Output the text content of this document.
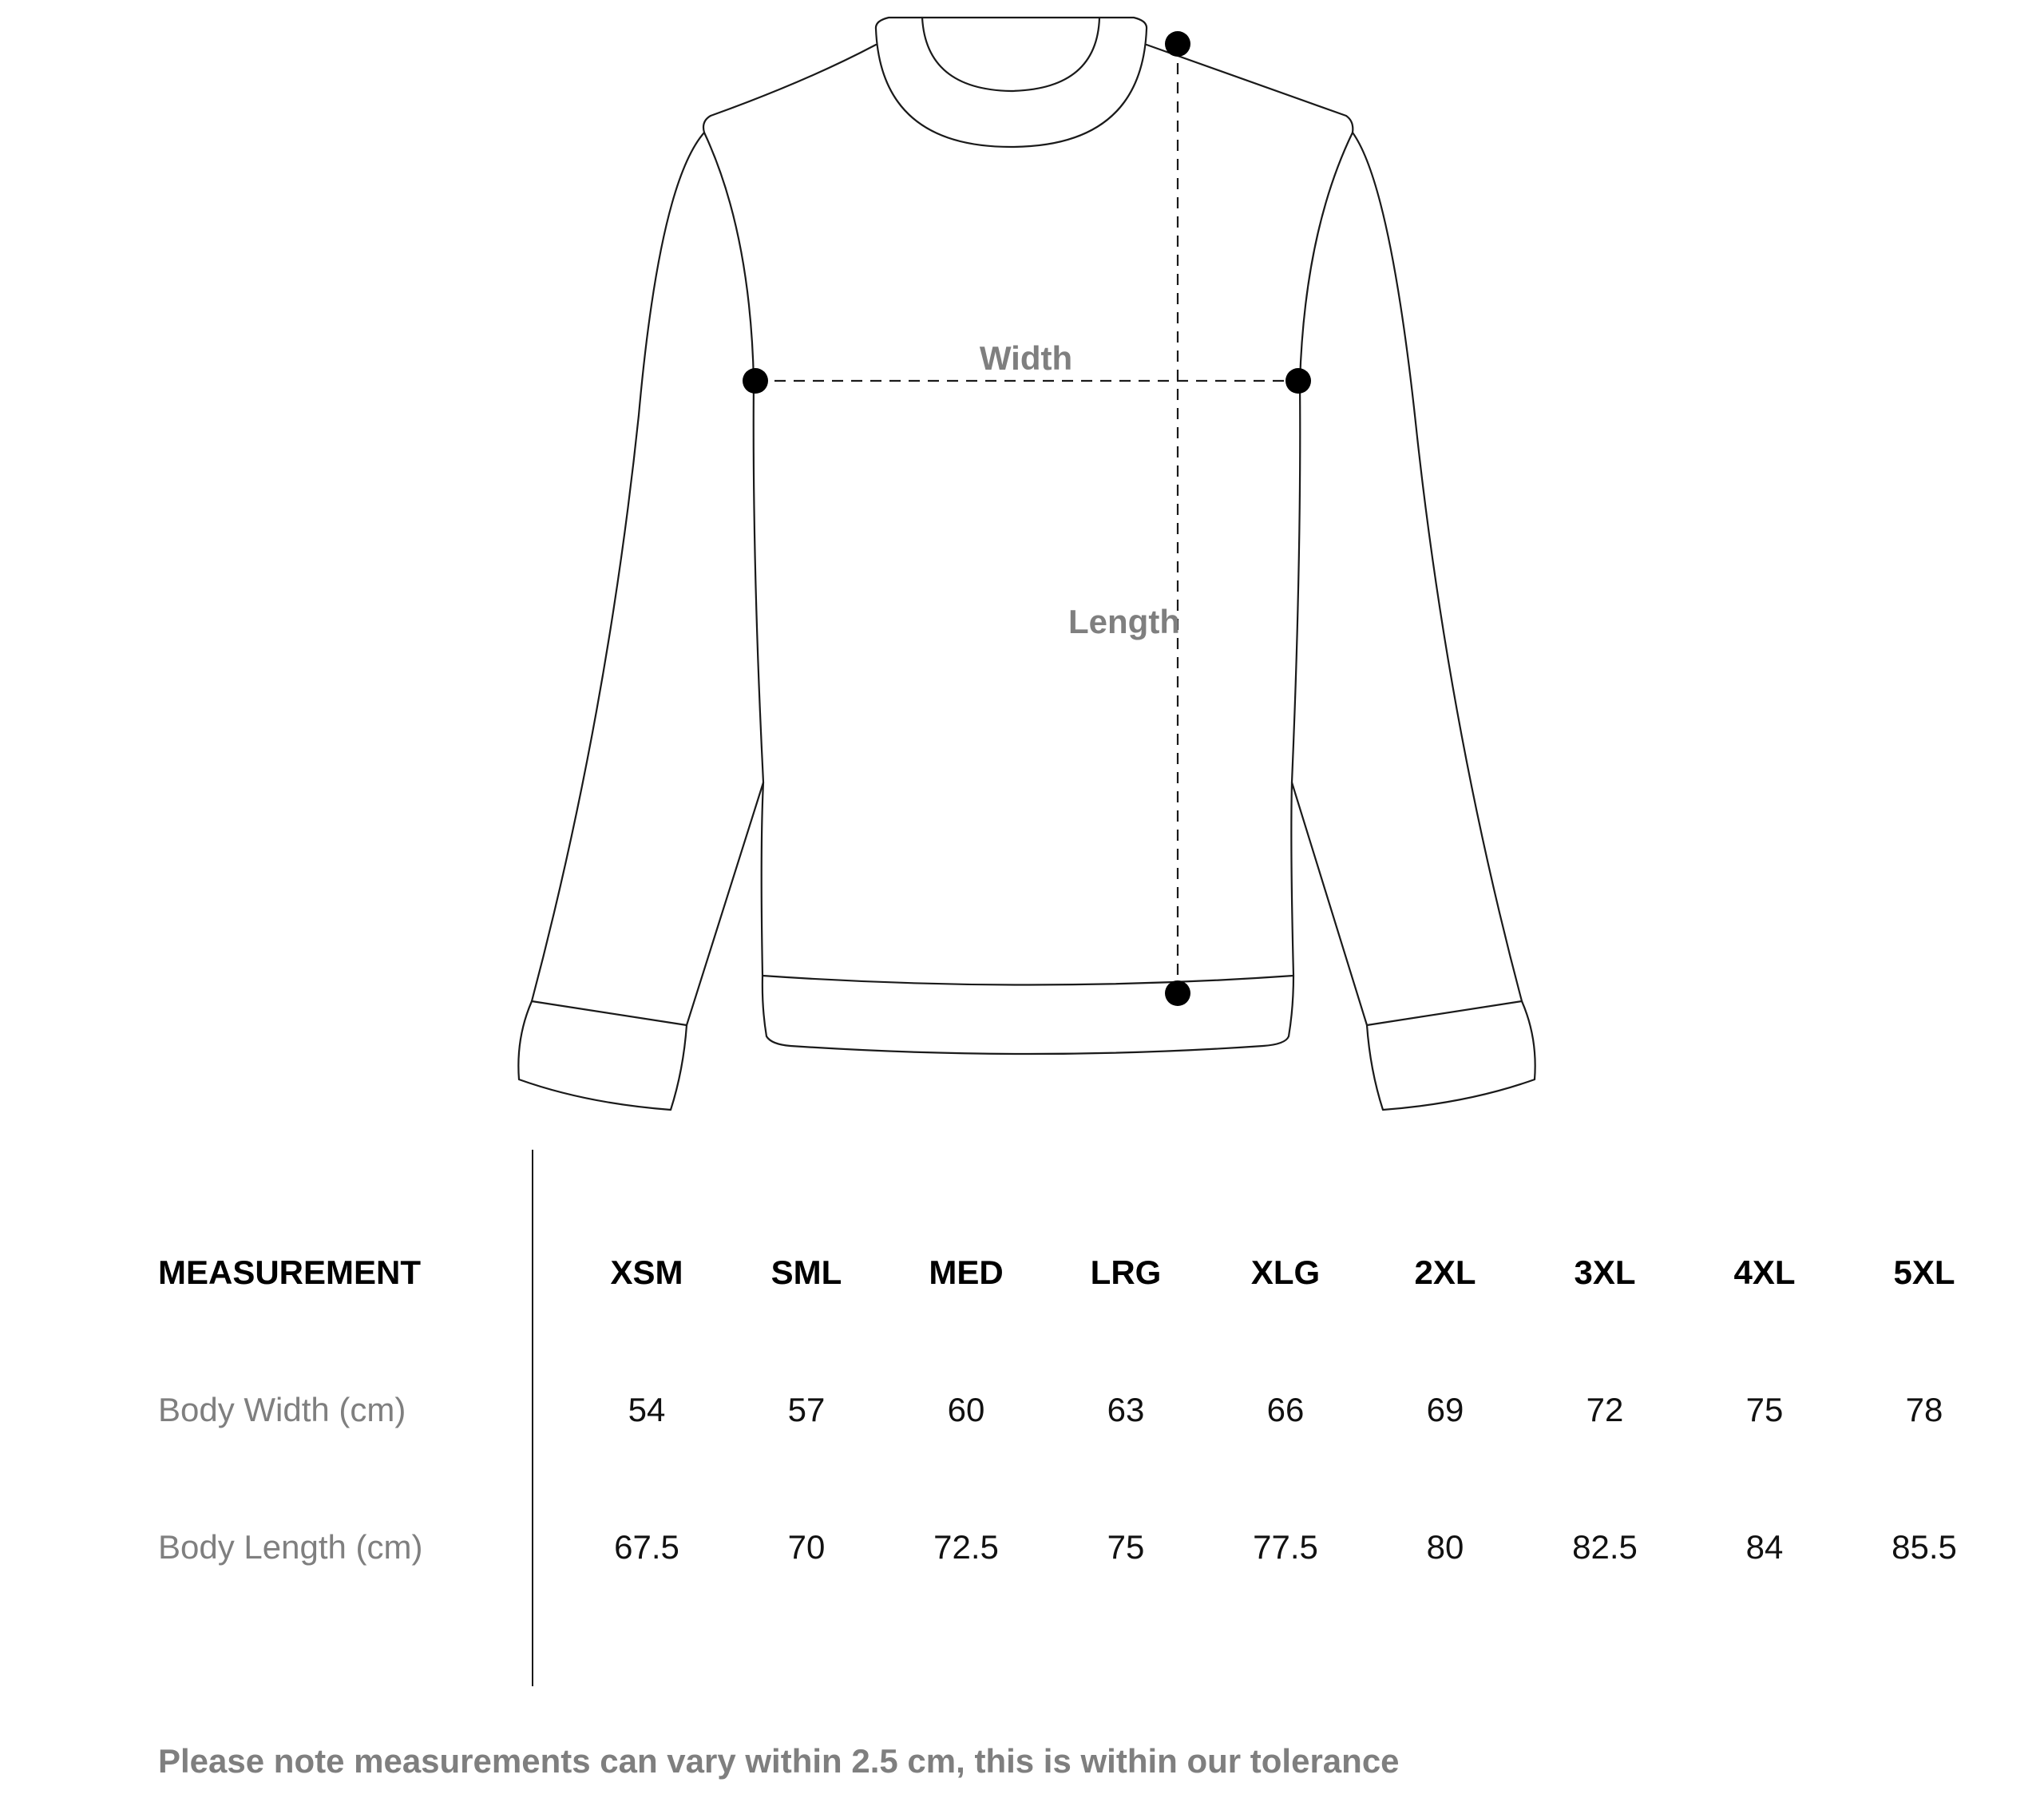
Width
Length
MEASUREMENT	XSM	SML	MED	LRG	XLG	2XL	3XL	4XL	5XL
Body Width (cm)	54	57	60	63	66	69	72	75	78
Body Length (cm)	67.5	70	72.5	75	77.5	80	82.5	84	85.5
Please note measurements can vary within 2.5 cm, this is within our tolerance
